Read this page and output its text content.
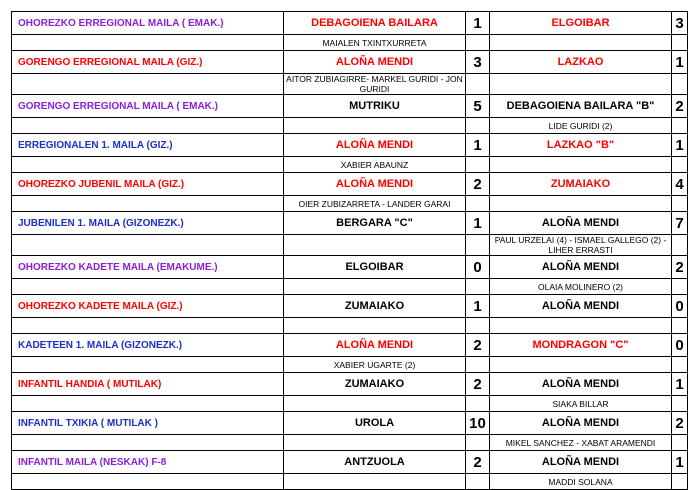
OHOREZKO ERREGIONAL MAILA ( EMAK.)	DEBAGOIENA BAILARA	1	ELGOIBAR	3
	MAIALEN TXINTXURRETA			
GORENGO ERREGIONAL MAILA (GIZ.)	ALOÑA MENDI	3	LAZKAO	1
	AITOR ZUBIAGIRRE- MARKEL GURIDI - JON GURIDI			
GORENGO ERREGIONAL MAILA ( EMAK.)	MUTRIKU	5	DEBAGOIENA BAILARA "B"	2
			LIDE GURIDI (2)	
ERREGIONALEN 1. MAILA (GIZ.)	ALOÑA MENDI	1	LAZKAO "B"	1
	XABIER ABAUNZ			
OHOREZKO JUBENIL MAILA (GIZ.)	ALOÑA MENDI	2	ZUMAIAKO	4
	OIER ZUBIZARRETA - LANDER GARAI			
JUBENILEN 1. MAILA (GIZONEZK.)	BERGARA "C"	1	ALOÑA MENDI	7
			PAUL URZELAI (4) - ISMAEL GALLEGO (2) - LIHER ERRASTI	
OHOREZKO KADETE MAILA (EMAKUME.)	ELGOIBAR	0	ALOÑA MENDI	2
			OLAIA MOLINERO (2)	
OHOREZKO KADETE MAILA (GIZ.)	ZUMAIAKO	1	ALOÑA MENDI	0

KADETEEN 1. MAILA (GIZONEZK.)	ALOÑA MENDI	2	MONDRAGON "C"	0
	XABIER UGARTE (2)			
INFANTIL HANDIA ( MUTILAK)	ZUMAIAKO	2	ALOÑA MENDI	1
			SIAKA BILLAR	
INFANTIL TXIKIA ( MUTILAK )	UROLA	10	ALOÑA MENDI	2
			MIKEL SANCHEZ - XABAT ARAMENDI	
INFANTIL MAILA (NESKAK) F-8	ANTZUOLA	2	ALOÑA MENDI	1
			MADDI SOLANA	
